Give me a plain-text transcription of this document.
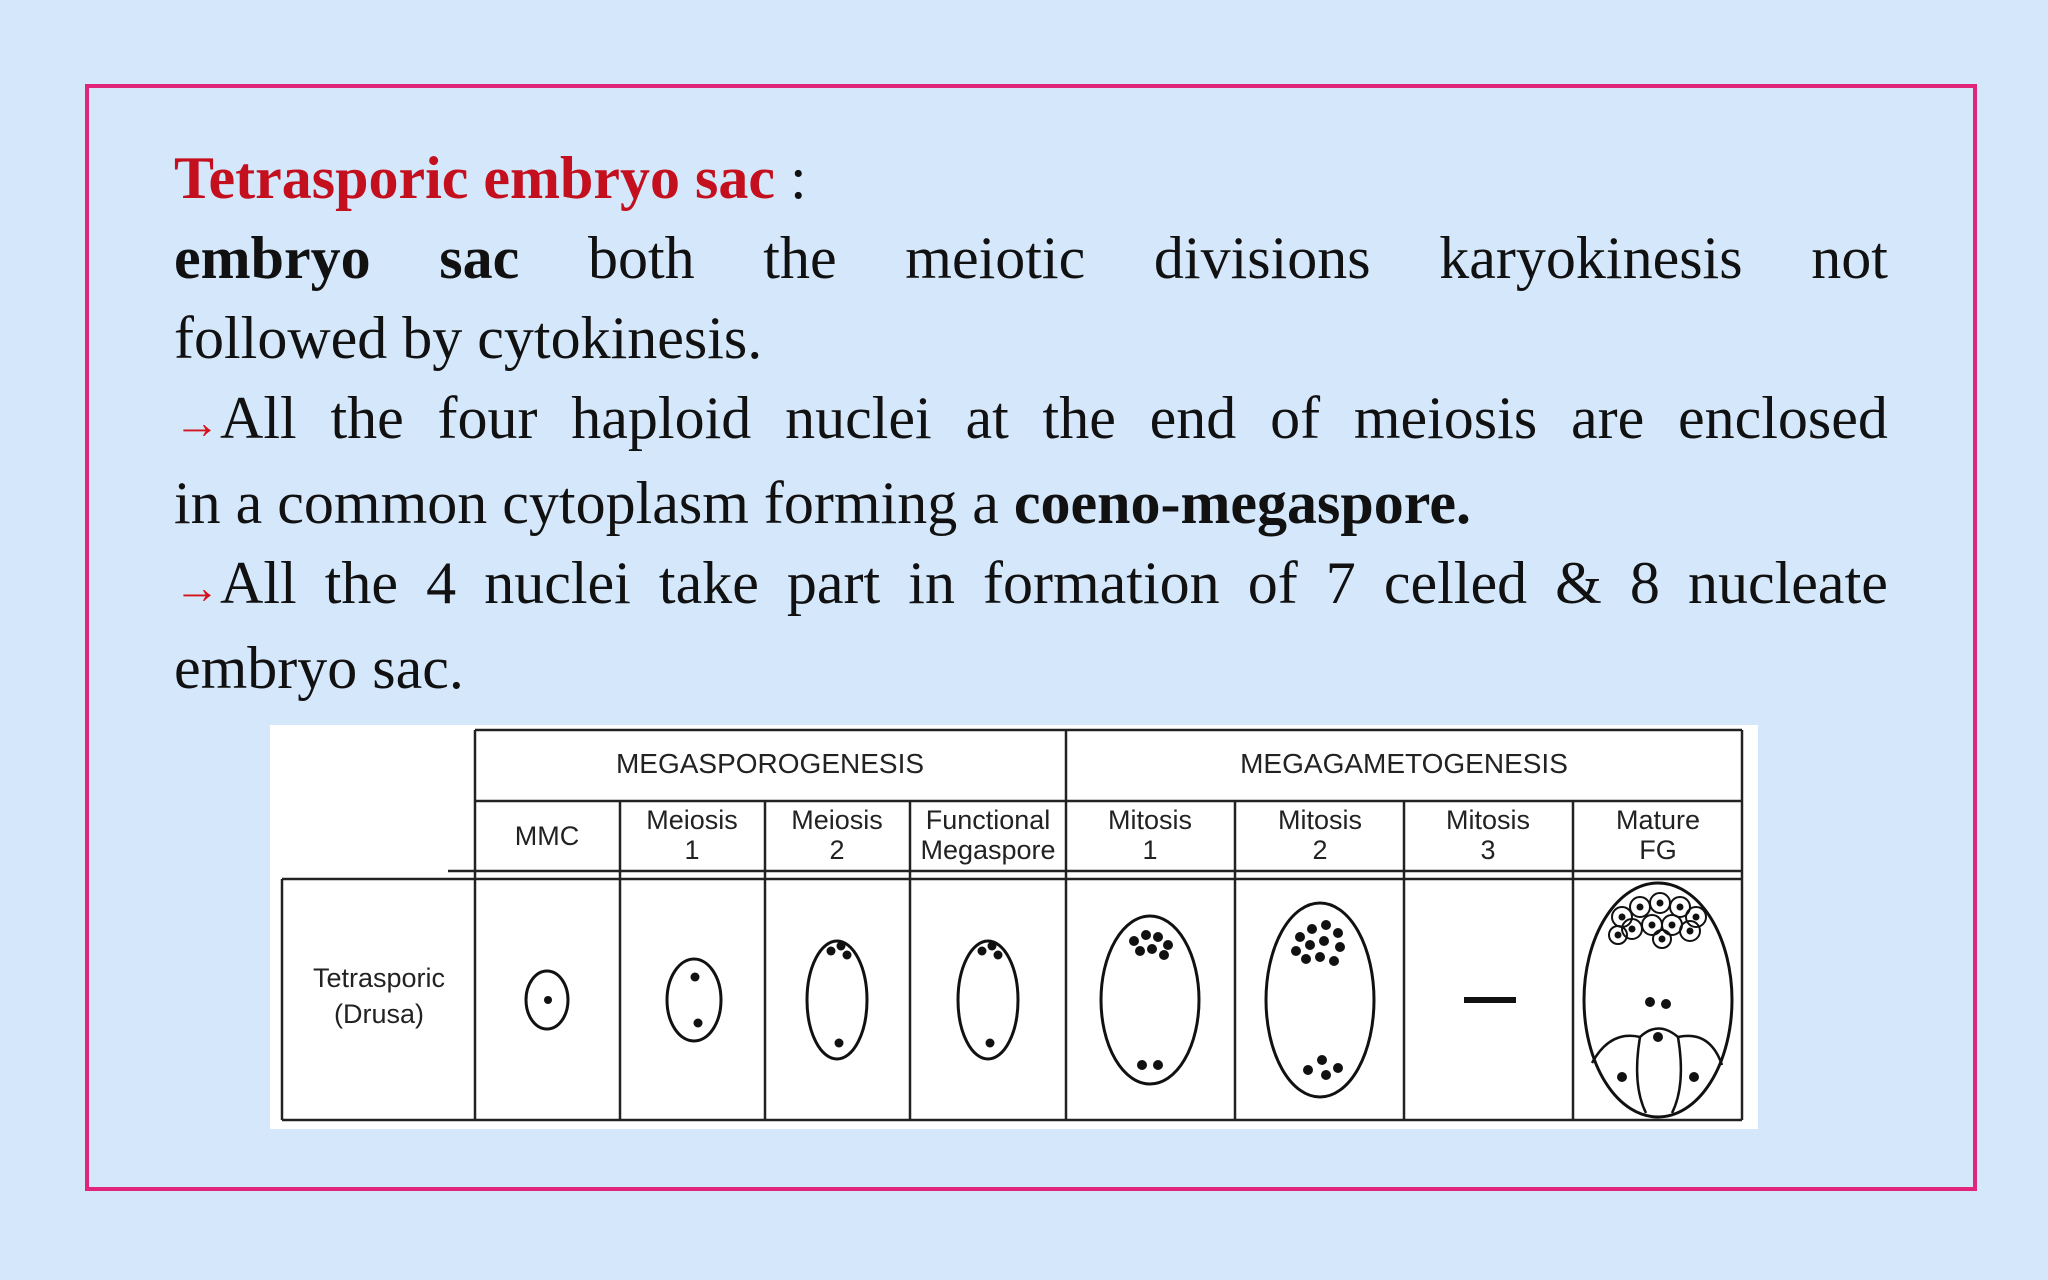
Tetrasporic embryo sac :
embryo sac both the meiotic divisions karyokinesis not
followed by cytokinesis.
→All the four haploid nuclei at the end of meiosis are enclosed
in a common cytoplasm forming a coeno-megaspore.
→All the 4 nuclei take part in formation of 7 celled & 8 nucleate
embryo sac.
MEGASPOROGENESIS	MEGAGAMETOGENESIS
MMC
Meiosis
1
Meiosis
2
Functional
Megaspore
Mitosis
1
Mitosis
2
Mitosis
3
Mature
FG
Tetrasporic
(Drusa)
